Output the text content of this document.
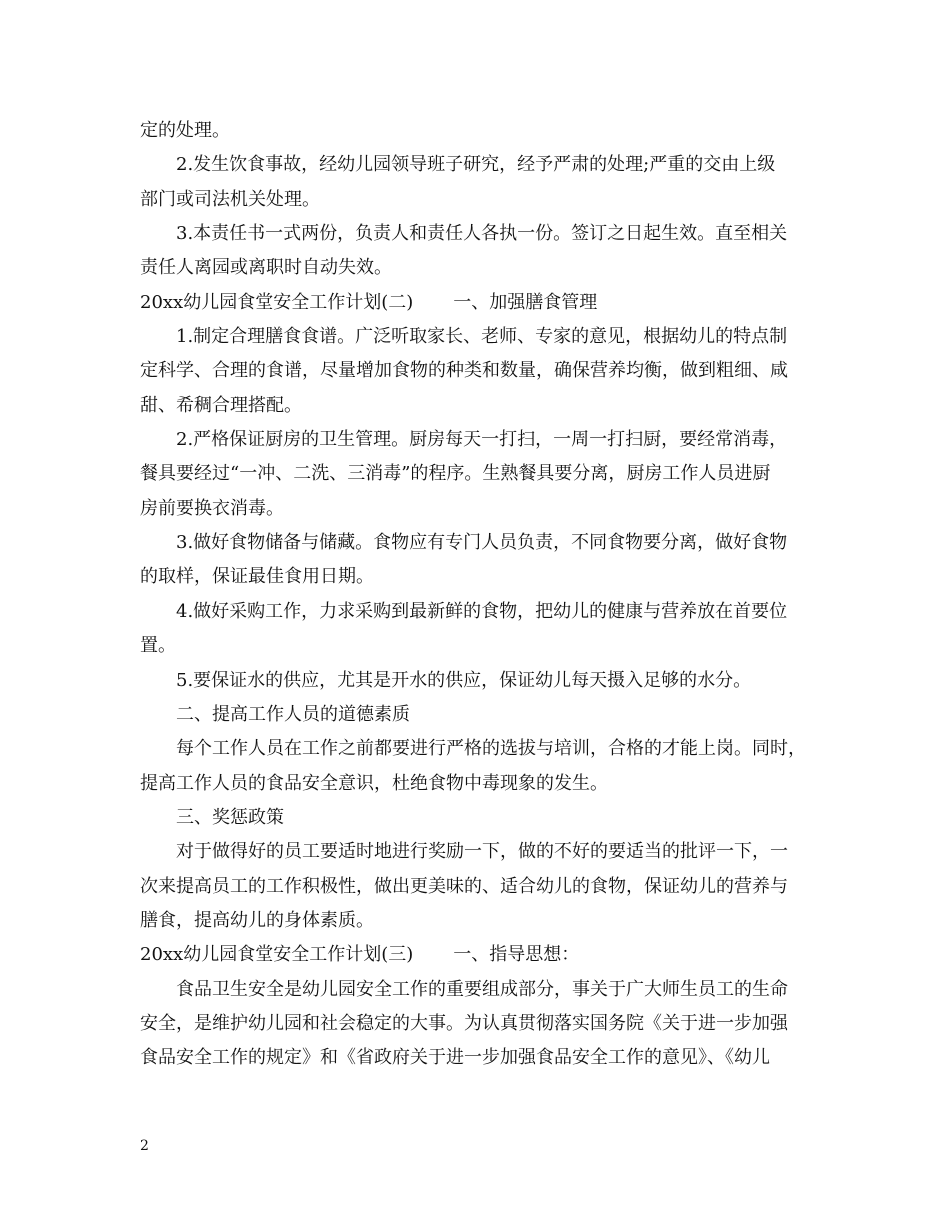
定的处理。
2.发生饮食事故，经幼儿园领导班子研究，经予严肃的处理;严重的交由上级
部门或司法机关处理。
3.本责任书一式两份，负责人和责任人各执一份。签订之日起生效。直至相关
责任人离园或离职时自动失效。
20xx幼儿园食堂安全工作计划(二) 一、加强膳食管理
1.制定合理膳食食谱。广泛听取家长、老师、专家的意见，根据幼儿的特点制
定科学、合理的食谱，尽量增加食物的种类和数量，确保营养均衡，做到粗细、咸
甜、希稠合理搭配。
2.严格保证厨房的卫生管理。厨房每天一打扫，一周一打扫厨，要经常消毒，
餐具要经过“一冲、二洗、三消毒”的程序。生熟餐具要分离，厨房工作人员进厨
房前要换衣消毒。
3.做好食物储备与储藏。食物应有专门人员负责，不同食物要分离，做好食物
的取样，保证最佳食用日期。
4.做好采购工作，力求采购到最新鲜的食物，把幼儿的健康与营养放在首要位
置。
5.要保证水的供应，尤其是开水的供应，保证幼儿每天摄入足够的水分。
二、提高工作人员的道德素质
每个工作人员在工作之前都要进行严格的选拔与培训，合格的才能上岗。同时，
提高工作人员的食品安全意识，杜绝食物中毒现象的发生。
三、奖惩政策
对于做得好的员工要适时地进行奖励一下，做的不好的要适当的批评一下，一
次来提高员工的工作积极性，做出更美味的、适合幼儿的食物，保证幼儿的营养与
膳食，提高幼儿的身体素质。
20xx幼儿园食堂安全工作计划(三) 一、指导思想：
食品卫生安全是幼儿园安全工作的重要组成部分，事关于广大师生员工的生命
安全，是维护幼儿园和社会稳定的大事。为认真贯彻落实国务院《关于进一步加强
食品安全工作的规定》和《省政府关于进一步加强食品安全工作的意见》、《幼儿
2
